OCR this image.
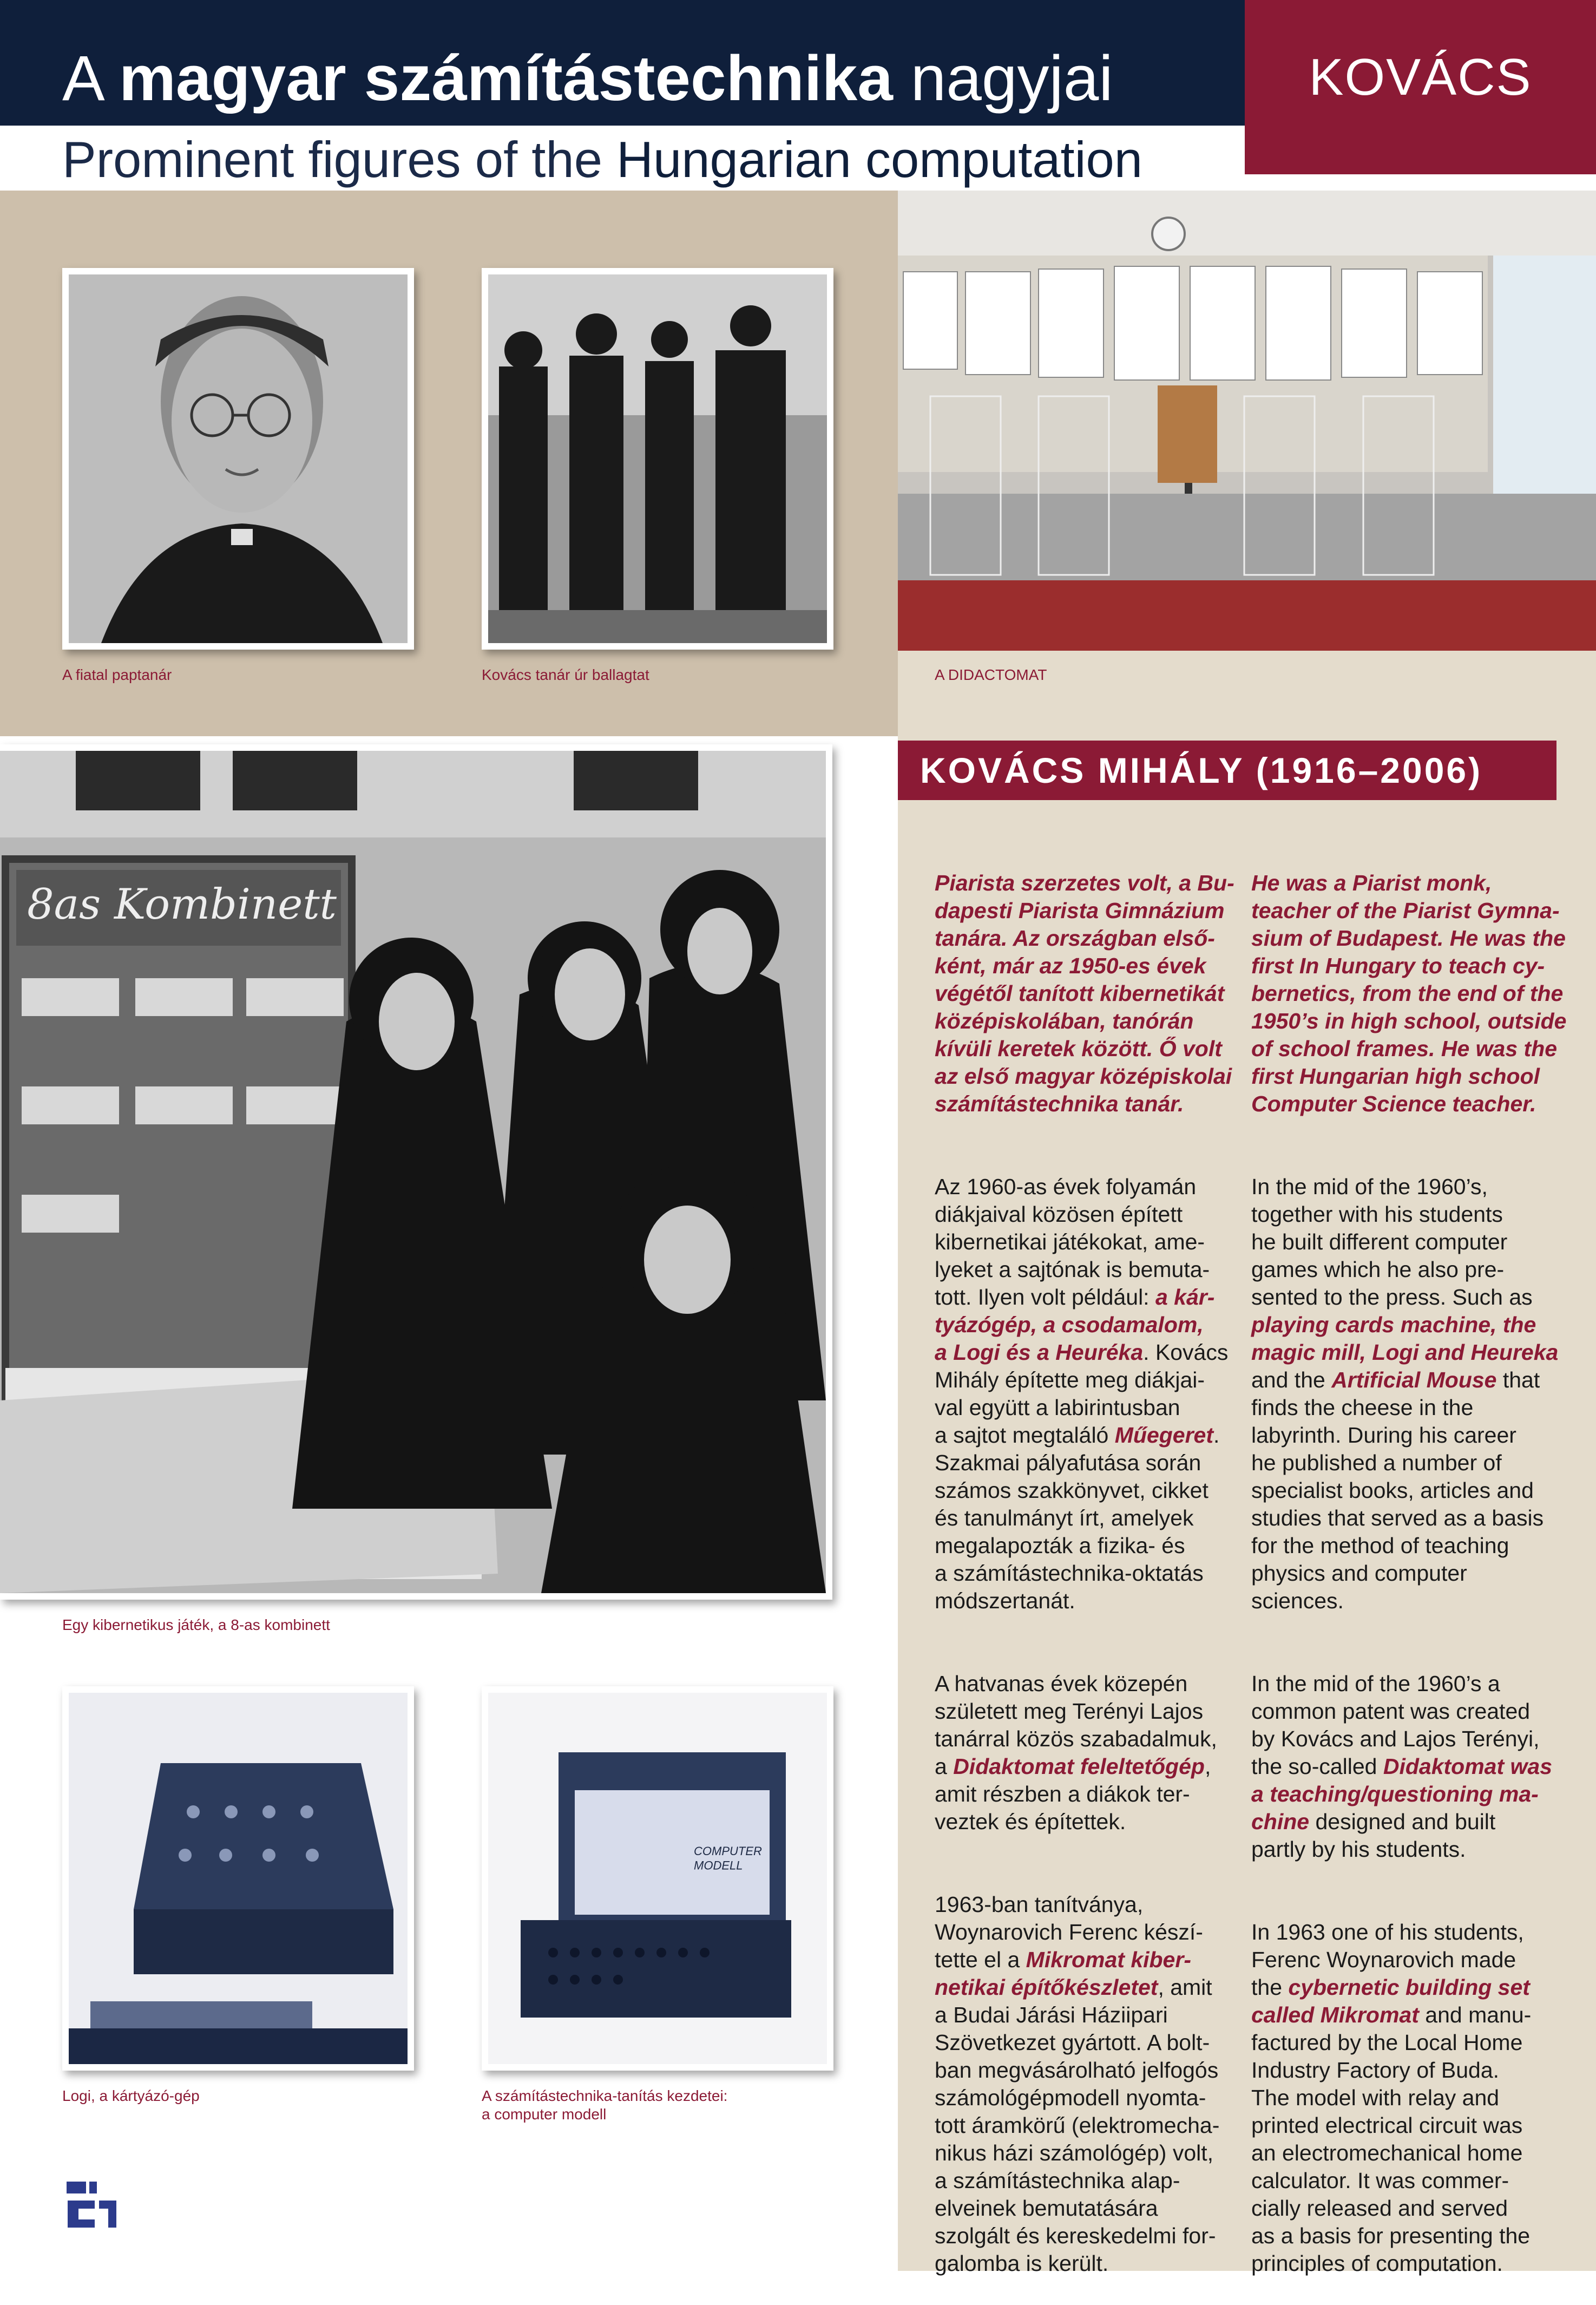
A magyar számítástechnika nagyjai
Prominent figures of the Hungarian computation
KOVÁCS
A fiatal paptanár	Kovács tanár úr ballagtat	A DIDACTOMAT
8as Kombinett
Egy kibernetikus játék, a 8-as kombinett
Logi, a kártyázó-gép
COMPUTER MODELL
A számítástechnika-tanítás kezdetei:
a computer modell
KOVÁCS MIHÁLY (1916–2006)

Piarista szerzetes volt, a Bu-
dapesti Piarista Gimnázium
tanára. Az országban első-
ként, már az 1950-es évek
végétől tanított kibernetikát
középiskolában, tanórán
kívüli keretek között. Ő volt
az első magyar középiskolai
számítástechnika tanár.

Az 1960-as évek folyamán
diákjaival közösen épített
kibernetikai játékokat, ame-
lyeket a sajtónak is bemuta-
tott. Ilyen volt például: a kár-
tyázógép, a csodamalom,
a Logi és a Heuréka. Kovács
Mihály építette meg diákjai-
val együtt a labirintusban
a sajtot megtaláló Műegeret.
Szakmai pályafutása során
számos szakkönyvet, cikket
és tanulmányt írt, amelyek
megalapozták a fizika- és
a számítástechnika-oktatás
módszertanát.

A hatvanas évek közepén
született meg Terényi Lajos
tanárral közös szabadalmuk,
a Didaktomat feleltetőgép,
amit részben a diákok ter-
veztek és építettek.

1963-ban tanítványa,
Woynarovich Ferenc készí-
tette el a Mikromat kiber-
netikai építőkészletet, amit
a Budai Járási Háziipari
Szövetkezet gyártott. A bolt-
ban megvásárolható jelfogós
számológépmodell nyomta-
tott áramkörű (elektromecha-
nikus házi számológép) volt,
a számítástechnika alap-
elveinek bemutatására
szolgált és kereskedelmi for-
galomba is került.

He was a Piarist monk,
teacher of the Piarist Gymna-
sium of Budapest. He was the
first In Hungary to teach cy-
bernetics, from the end of the
1950’s in high school, outside
of school frames. He was the
first Hungarian high school
Computer Science teacher.

In the mid of the 1960’s,
together with his students
he built different computer
games which he also pre-
sented to the press. Such as
playing cards machine, the
magic mill, Logi and Heureka
and the Artificial Mouse that
finds the cheese in the
labyrinth. During his career
he published a number of
specialist books, articles and
studies that served as a basis
for the method of teaching
physics and computer
sciences.

In the mid of the 1960’s a
common patent was created
by Kovács and Lajos Terényi,
the so-called Didaktomat was
a teaching/questioning ma-
chine designed and built
partly by his students.

In 1963 one of his students,
Ferenc Woynarovich made
the cybernetic building set
called Mikromat and manu-
factured by the Local Home
Industry Factory of Buda.
The model with relay and
printed electrical circuit was
an electromechanical home
calculator. It was commer-
cially released and served
as a basis for presenting the
principles of computation.
